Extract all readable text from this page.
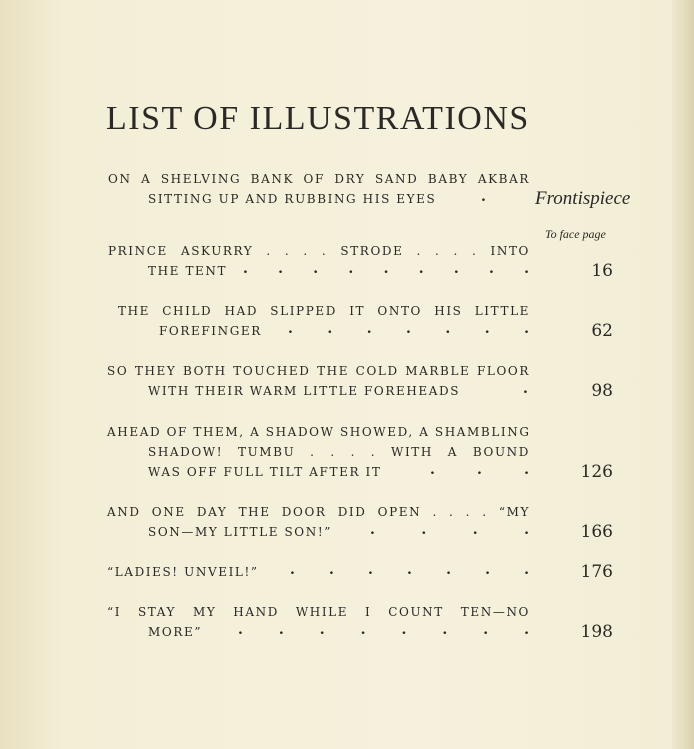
LIST OF ILLUSTRATIONS
ON A SHELVING BANK OF DRY SAND BABY AKBAR
SITTING UP AND RUBBING HIS EYES	.	Frontispiece
To face page
PRINCE ASKURRY . . . . STRODE . . . . INTO
THE TENT . . . . . . . . .	16
THE CHILD HAD SLIPPED IT ONTO HIS LITTLE
FOREFINGER . . . . . . .	62
SO THEY BOTH TOUCHED THE COLD MARBLE FLOOR
WITH THEIR WARM LITTLE FOREHEADS	.	98
AHEAD OF THEM, A SHADOW SHOWED, A SHAMBLING
SHADOW! TUMBU . . . . WITH A BOUND
WAS OFF FULL TILT AFTER IT	. . .	126
AND ONE DAY THE DOOR DID OPEN . . . . “MY
SON—MY LITTLE SON!”	. . . .	166
“LADIES! UNVEIL!” . . . . . . .	176
“I STAY MY HAND WHILE I COUNT TEN—NO
MORE”	. . . . . . . .	198
